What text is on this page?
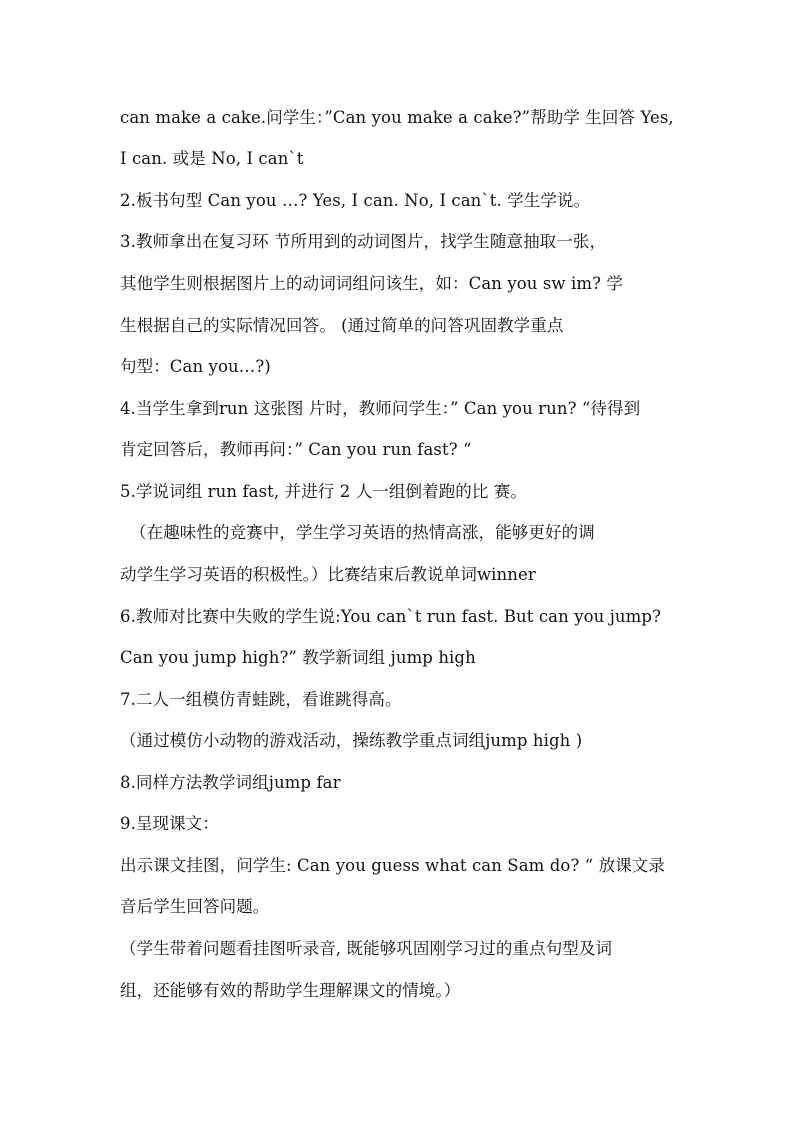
can make a cake.问学生：”Can you make a cake?”帮助学 生回答 Yes,
I can. 或是 No, I can`t
2.板书句型 Can you …? Yes, I can. No, I can`t. 学生学说。
3.教师拿出在复习环 节所用到的动词图片，找学生随意抽取一张，
其他学生则根据图片上的动词词组问该生，如：Can you sw im? 学
生根据自己的实际情况回答。 (通过简单的问答巩固教学重点
句型：Can you…?)
4.当学生拿到run 这张图 片时，教师问学生：” Can you run? “待得到
肯定回答后，教师再问：” Can you run fast? “
5.学说词组 run fast, 并进行 2 人一组倒着跑的比 赛。
（在趣味性的竞赛中，学生学习英语的热情高涨，能够更好的调
动学生学习英语的积极性。）比赛结束后教说单词winner
6.教师对比赛中失败的学生说:You can`t run fast. But can you jump?
Can you jump high?” 教学新词组 jump high
7.二人一组模仿青蛙跳，看谁跳得高。
（通过模仿小动物的游戏活动，操练教学重点词组jump high )
8.同样方法教学词组jump far
9.呈现课文：
出示课文挂图，问学生: Can you guess what can Sam do? “ 放课文录
音后学生回答问题。
（学生带着问题看挂图听录音, 既能够巩固刚学习过的重点句型及词
组，还能够有效的帮助学生理解课文的情境。）
